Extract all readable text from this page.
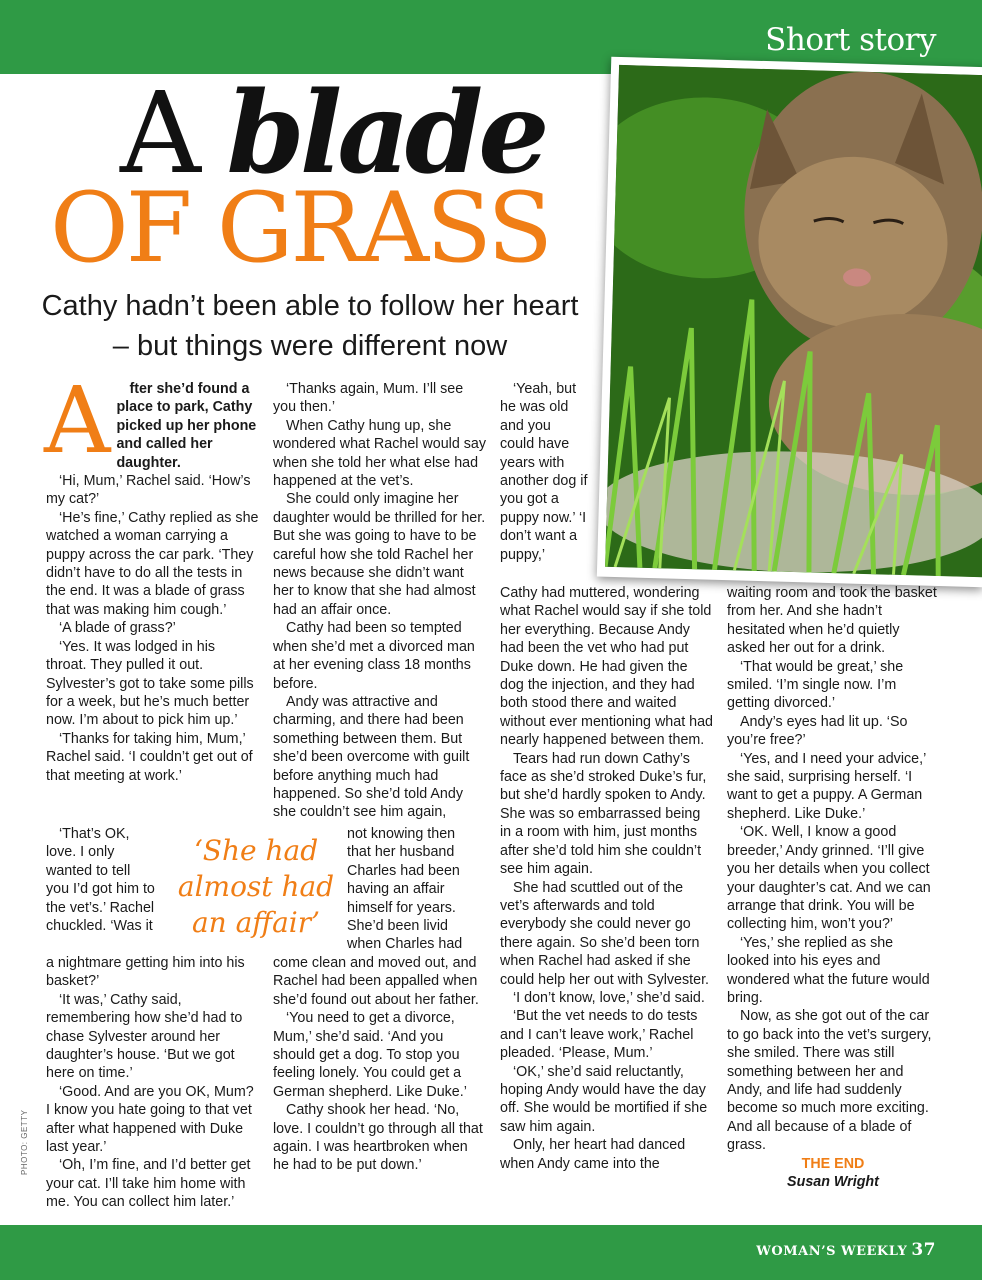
Short story
A blade
OF GRASS
Cathy hadn’t been able to follow her heart – but things were different now
A	fter she’d found a place to park, Cathy picked up her phone and called her daughter.

‘Hi, Mum,’ Rachel said. ‘How’s my cat?’

‘He’s fine,’ Cathy replied as she watched a woman carrying a puppy across the car park. ‘They didn’t have to do all the tests in the end. It was a blade of grass that was making him cough.’

‘A blade of grass?’

‘Yes. It was lodged in his throat. They pulled it out. Sylvester’s got to take some pills for a week, but he’s much better now. I’m about to pick him up.’

‘Thanks for taking him, Mum,’ Rachel said. ‘I couldn’t get out of that meeting at work.’

‘That’s OK, love. I only wanted to tell you I’d got him to the vet’s.’ Rachel chuckled. ‘Was it

a nightmare getting him into his basket?’

‘It was,’ Cathy said, remembering how she’d had to chase Sylvester around her daughter’s house. ‘But we got here on time.’

‘Good. And are you OK, Mum? I know you hate going to that vet after what happened with Duke last year.’

‘Oh, I’m fine, and I’d better get your cat. I’ll take him home with me. You can collect him later.’

‘She had almost had an affair’

‘Thanks again, Mum. I’ll see you then.’

When Cathy hung up, she wondered what Rachel would say when she told her what else had happened at the vet’s.

She could only imagine her daughter would be thrilled for her. But she was going to have to be careful how she told Rachel her news because she didn’t want her to know that she had almost had an affair once.

Cathy had been so tempted when she’d met a divorced man at her evening class 18 months before.

Andy was attractive and charming, and there had been something between them. But she’d been overcome with guilt before anything much had happened. So she’d told Andy she couldn’t see him again,

not knowing then that her husband Charles had been having an affair himself for years. She’d been livid when Charles had

come clean and moved out, and Rachel had been appalled when she’d found out about her father.

‘You need to get a divorce, Mum,’ she’d said. ‘And you should get a dog. To stop you feeling lonely. You could get a German shepherd. Like Duke.’

Cathy shook her head. ‘No, love. I couldn’t go through all that again. I was heartbroken when he had to be put down.’

‘Yeah, but he was old and you could have years with another dog if you got a puppy now.’ ‘I don’t want a puppy,’

Cathy had muttered, wondering what Rachel would say if she told her everything. Because Andy had been the vet who had put Duke down. He had given the dog the injection, and they had both stood there and waited without ever mentioning what had nearly happened between them.

Tears had run down Cathy’s face as she’d stroked Duke’s fur, but she’d hardly spoken to Andy. She was so embarrassed being in a room with him, just months after she’d told him she couldn’t see him again.

She had scuttled out of the vet’s afterwards and told everybody she could never go there again. So she’d been torn when Rachel had asked if she could help her out with Sylvester.

‘I don’t know, love,’ she’d said.

‘But the vet needs to do tests and I can’t leave work,’ Rachel pleaded. ‘Please, Mum.’

‘OK,’ she’d said reluctantly, hoping Andy would have the day off. She would be mortified if she saw him again.

Only, her heart had danced when Andy came into the

waiting room and took the basket from her. And she hadn’t hesitated when he’d quietly asked her out for a drink.

‘That would be great,’ she smiled. ‘I’m single now. I’m getting divorced.’

Andy’s eyes had lit up. ‘So you’re free?’

‘Yes, and I need your advice,’ she said, surprising herself. ‘I want to get a puppy. A German shepherd. Like Duke.’

‘OK. Well, I know a good breeder,’ Andy grinned. ‘I’ll give you her details when you collect your daughter’s cat. And we can arrange that drink. You will be collecting him, won’t you?’

‘Yes,’ she replied as she looked into his eyes and wondered what the future would bring.

Now, as she got out of the car to go back into the vet’s surgery, she smiled. There was still something between her and Andy, and life had suddenly become so much more exciting. And all because of a blade of grass.

THE END

Susan Wright

PHOTO: GETTY
WOMAN’S WEEKLY 37
